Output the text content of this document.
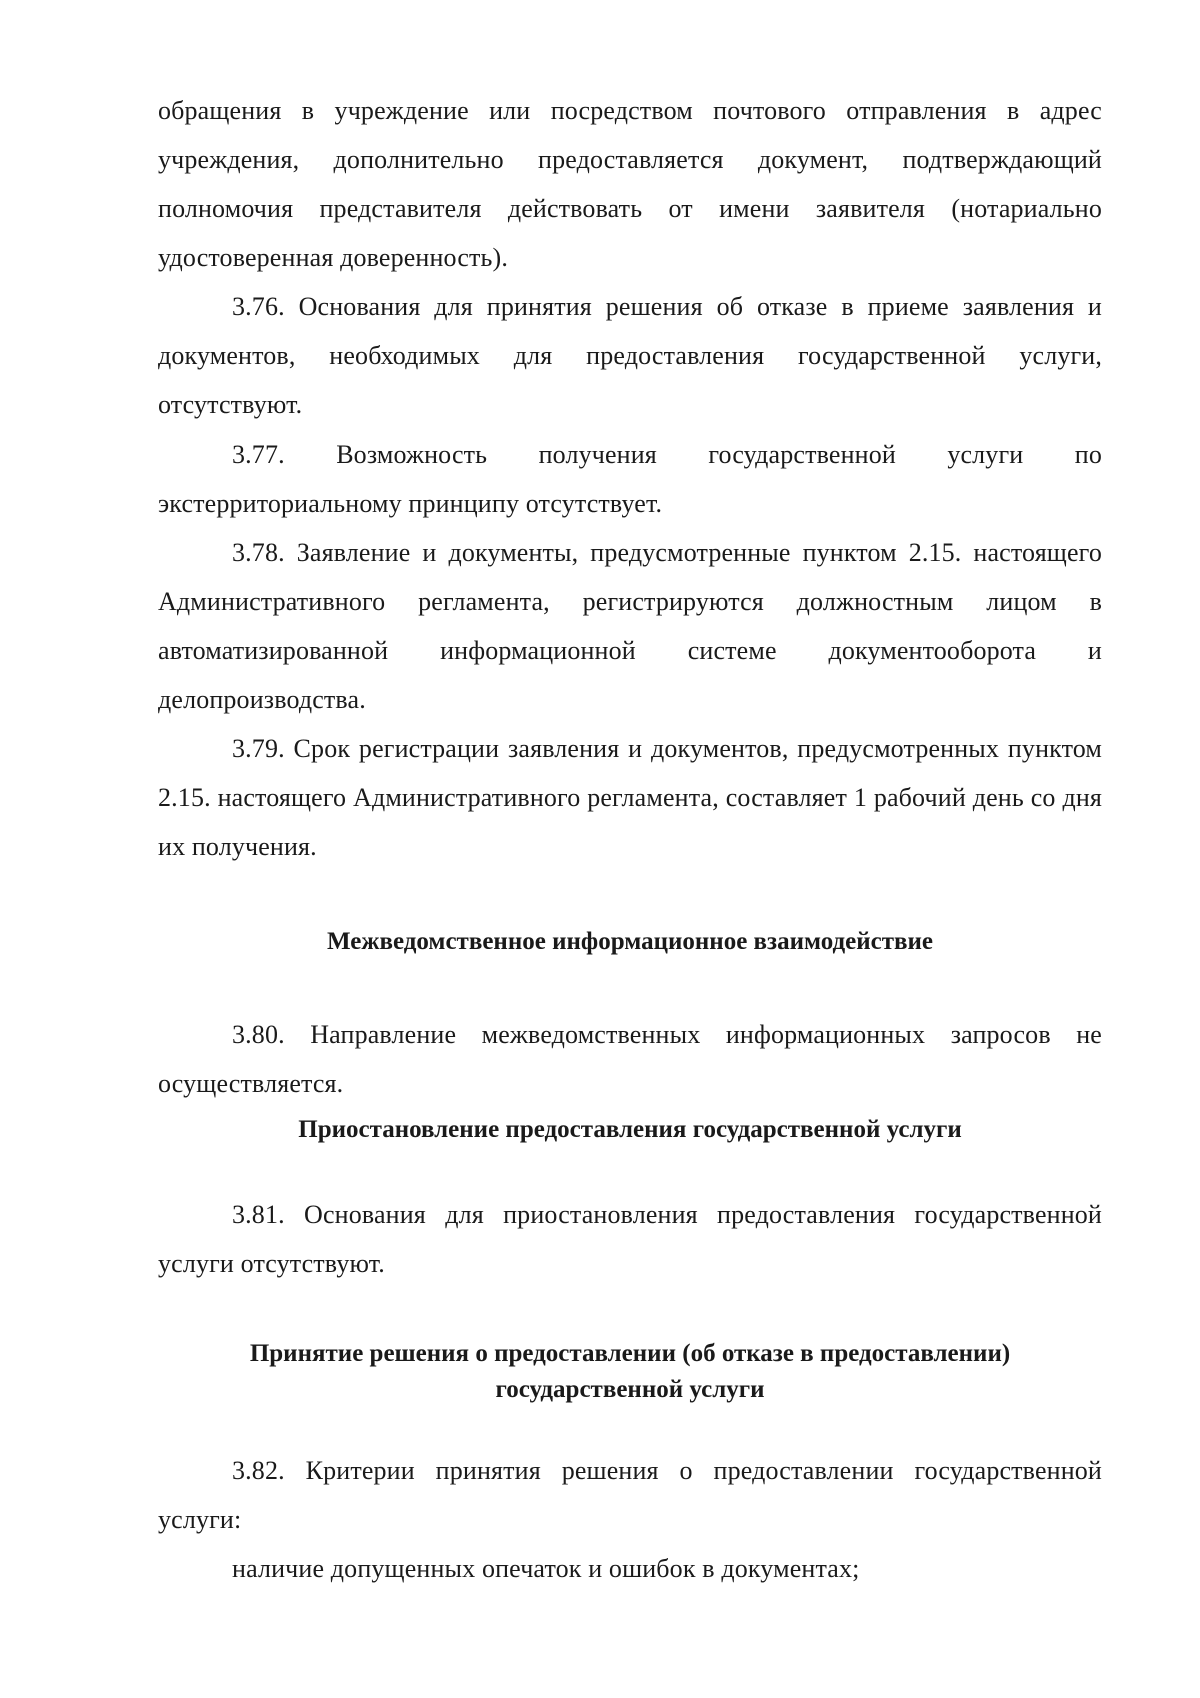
обращения в учреждение или посредством почтового отправления в адрес учреждения, дополнительно предоставляется документ, подтверждающий полномочия представителя действовать от имени заявителя (нотариально удостоверенная доверенность).

3.76. Основания для принятия решения об отказе в приеме заявления и документов, необходимых для предоставления государственной услуги, отсутствуют.

3.77. Возможность получения государственной услуги по экстерриториальному принципу отсутствует.

3.78. Заявление и документы, предусмотренные пунктом 2.15. настоящего Административного регламента, регистрируются должностным лицом в автоматизированной информационной системе документооборота и делопроизводства.

3.79. Срок регистрации заявления и документов, предусмотренных пунктом 2.15. настоящего Административного регламента, составляет 1 рабочий день со дня их получения.

Межведомственное информационное взаимодействие

3.80. Направление межведомственных информационных запросов не осуществляется.

Приостановление предоставления государственной услуги

3.81. Основания для приостановления предоставления государственной услуги отсутствуют.

Принятие решения о предоставлении (об отказе в предоставлении)
государственной услуги

3.82. Критерии принятия решения о предоставлении государственной услуги:

наличие допущенных опечаток и ошибок в документах;
